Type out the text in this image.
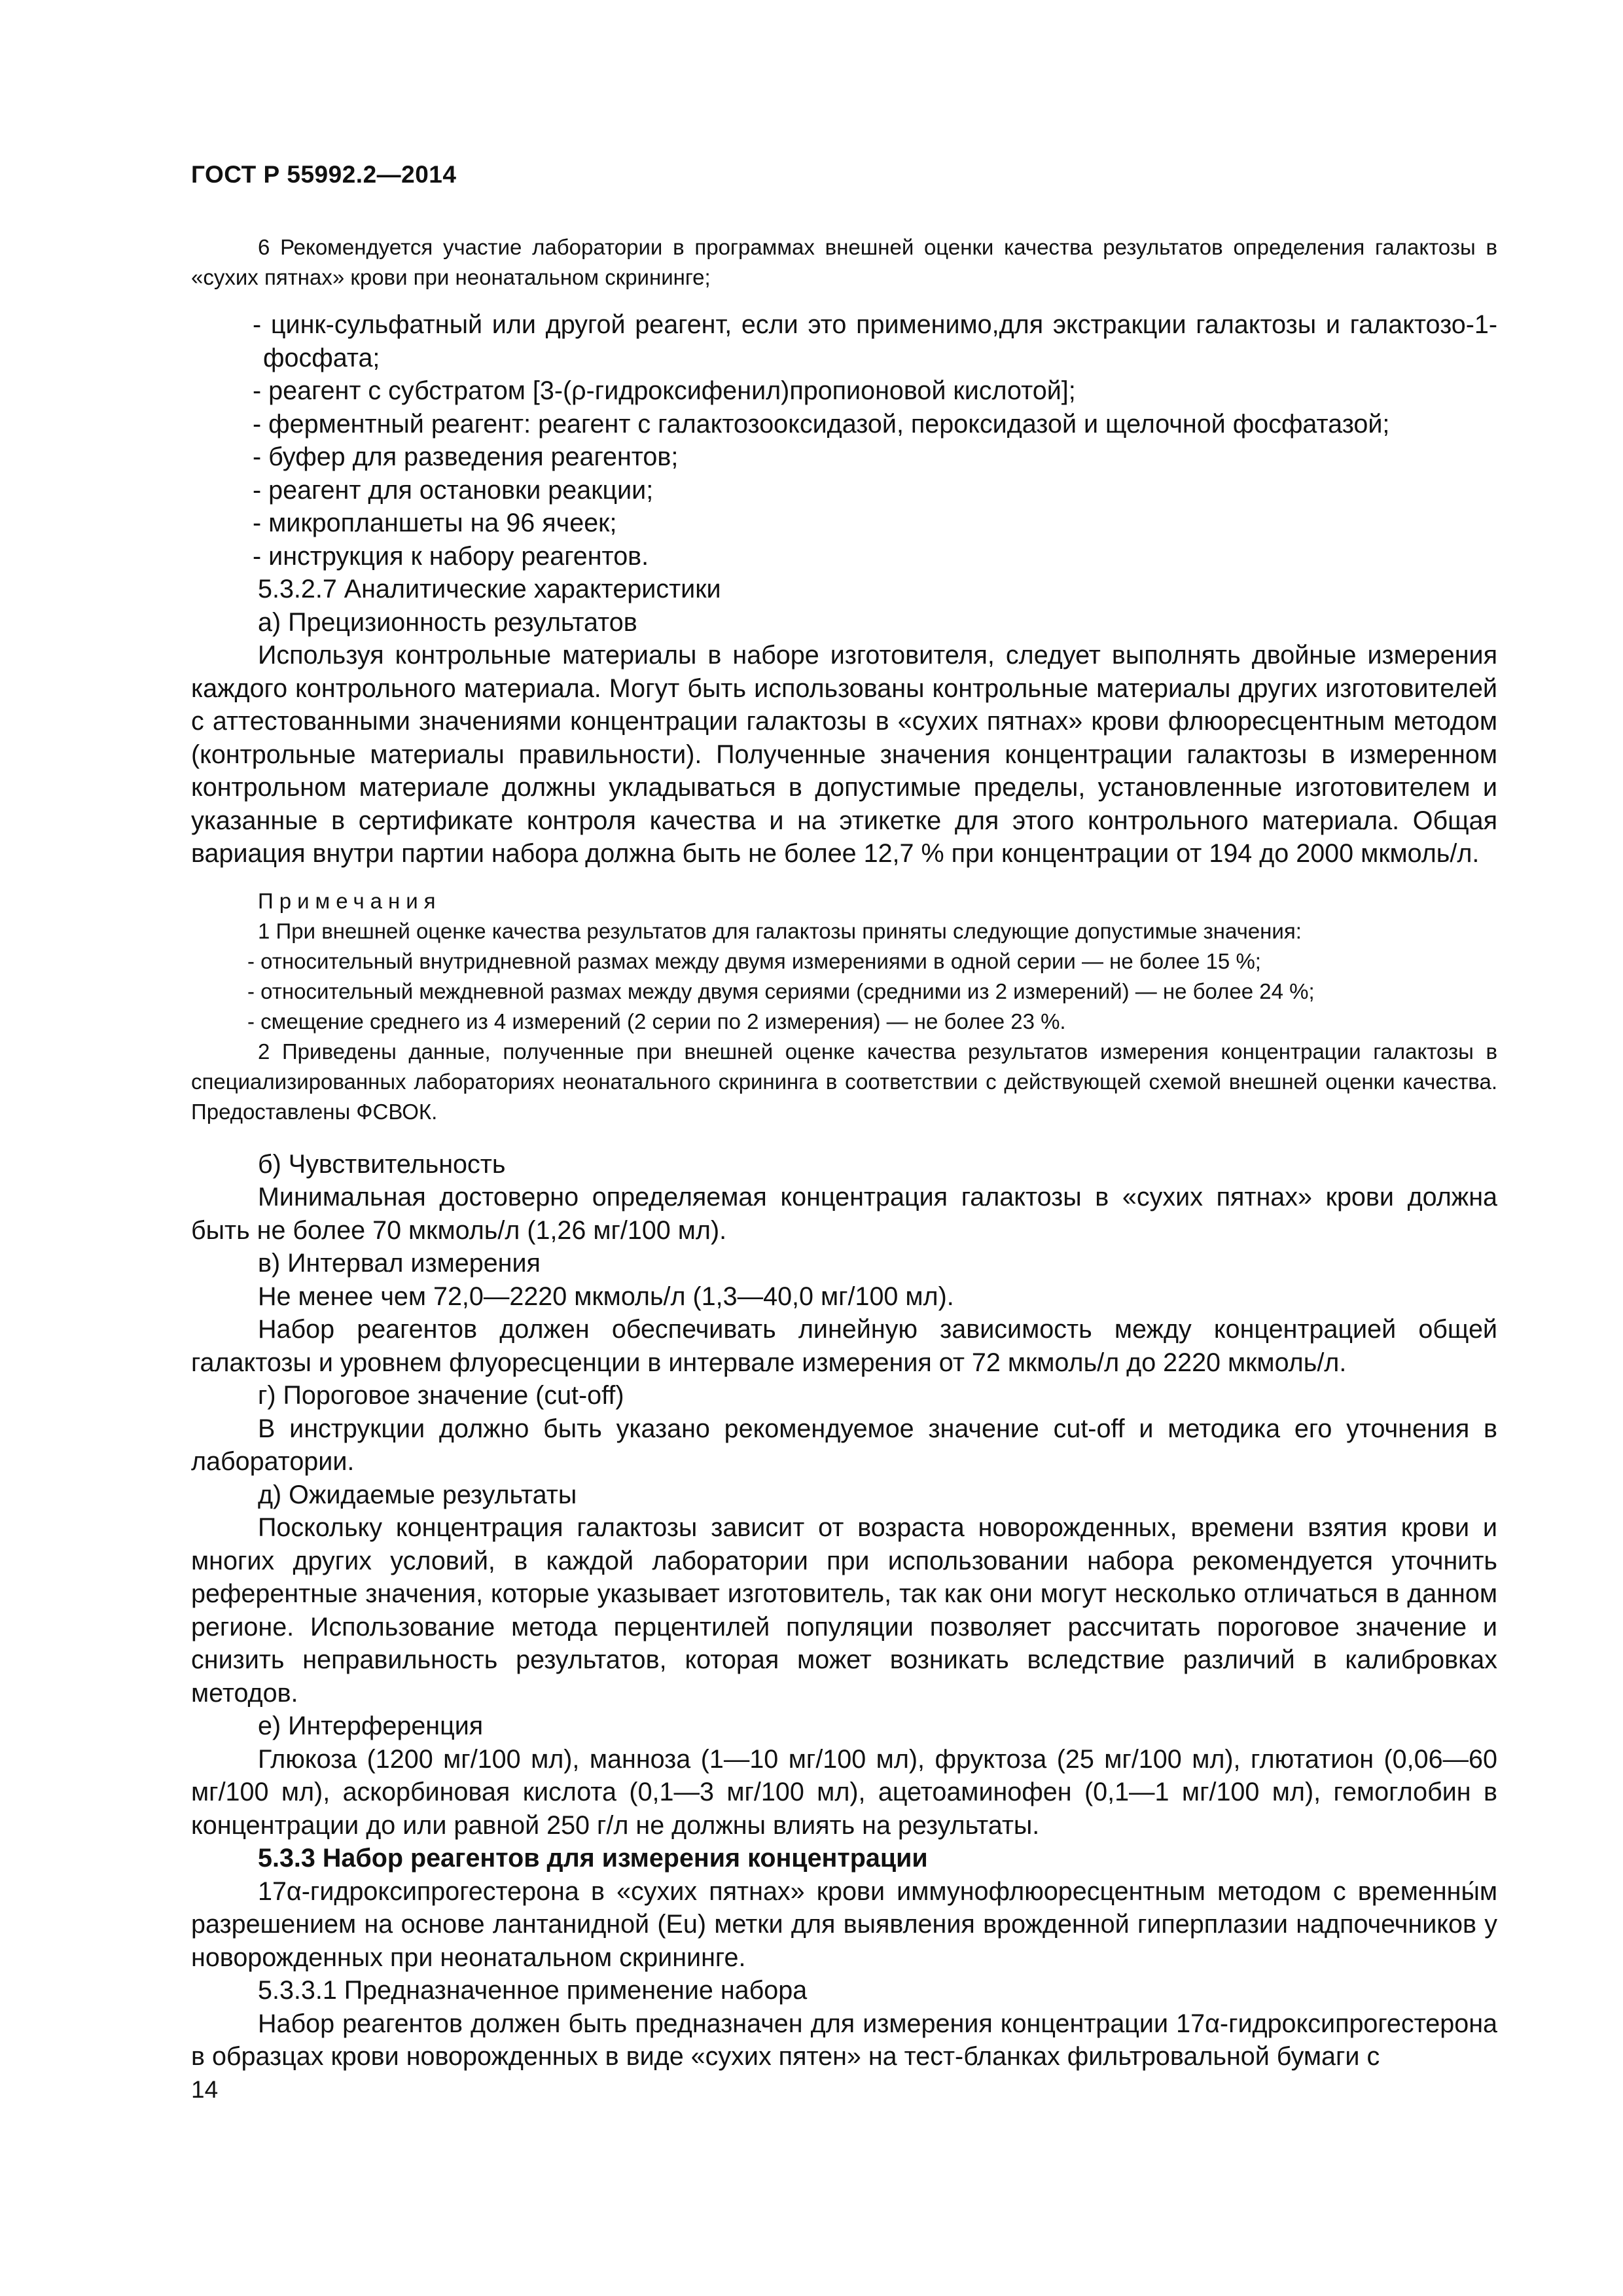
ГОСТ Р 55992.2—2014

6 Рекомендуется участие лаборатории в программах внешней оценки качества результатов определения галактозы в «сухих пятнах» крови при неонатальном скрининге;

- цинк-сульфатный или другой реагент, если это применимо,для экстракции галактозы и галактозо-1-фосфата;

- реагент с субстратом [3-(ρ-гидроксифенил)пропионовой кислотой];

- ферментный реагент: реагент с галактозооксидазой, пероксидазой и щелочной фосфатазой;

- буфер для разведения реагентов;

- реагент для остановки реакции;

- микропланшеты на 96 ячеек;

- инструкция к набору реагентов.

5.3.2.7 Аналитические характеристики

а) Прецизионность результатов

Используя контрольные материалы в наборе изготовителя, следует выполнять двойные измерения каждого контрольного материала. Могут быть использованы контрольные материалы других изготовителей с аттестованными значениями концентрации галактозы в «сухих пятнах» крови флюоресцентным методом (контрольные материалы правильности). Полученные значения концентрации галактозы в измеренном контрольном материале должны укладываться в допустимые пределы, установленные изготовителем и указанные в сертификате контроля качества и на этикетке для этого контрольного материала. Общая вариация внутри партии набора должна быть не более 12,7 % при концентрации от 194 до 2000 мкмоль/л.

Примечания

1 При внешней оценке качества результатов для галактозы приняты следующие допустимые значения:

- относительный внутридневной размах между двумя измерениями в одной серии — не более 15 %;

- относительный междневной размах между двумя сериями (средними из 2 измерений) — не более 24 %;

- смещение среднего из 4 измерений (2 серии по 2 измерения) — не более 23 %.

2 Приведены данные, полученные при внешней оценке качества результатов измерения концентрации галактозы в специализированных лабораториях неонатального скрининга в соответствии с действующей схемой внешней оценки качества. Предоставлены ФСВОК.

б) Чувствительность

Минимальная достоверно определяемая концентрация галактозы в «сухих пятнах» крови должна быть не более 70 мкмоль/л (1,26 мг/100 мл).

в) Интервал измерения

Не менее чем 72,0—2220 мкмоль/л (1,3—40,0 мг/100 мл).

Набор реагентов должен обеспечивать линейную зависимость между концентрацией общей галактозы и уровнем флуоресценции в интервале измерения от 72 мкмоль/л до 2220 мкмоль/л.

г) Пороговое значение (cut-off)

В инструкции должно быть указано рекомендуемое значение cut-off и методика его уточнения в лаборатории.

д) Ожидаемые результаты

Поскольку концентрация галактозы зависит от возраста новорожденных, времени взятия крови и многих других условий, в каждой лаборатории при использовании набора рекомендуется уточнить референтные значения, которые указывает изготовитель, так как они могут несколько отличаться в данном регионе. Использование метода перцентилей популяции позволяет рассчитать пороговое значение и снизить неправильность результатов, которая может возникать вследствие различий в калибровках методов.

е) Интерференция

Глюкоза (1200 мг/100 мл), манноза (1—10 мг/100 мл), фруктоза (25 мг/100 мл), глютатион (0,06—60 мг/100 мл), аскорбиновая кислота (0,1—3 мг/100 мл), ацетоаминофен (0,1—1 мг/100 мл), гемоглобин в концентрации до или равной 250 г/л не должны влиять на результаты.

5.3.3 Набор реагентов для измерения концентрации

17α-гидроксипрогестерона в «сухих пятнах» крови иммунофлюоресцентным методом с временны́м разрешением на основе лантанидной (Eu) метки для выявления врожденной гиперплазии надпочечников у новорожденных при неонатальном скрининге.

5.3.3.1 Предназначенное применение набора

Набор реагентов должен быть предназначен для измерения концентрации 17α-гидроксипрогестерона в образцах крови новорожденных в виде «сухих пятен» на тест-бланках фильтровальной бумаги с

14
